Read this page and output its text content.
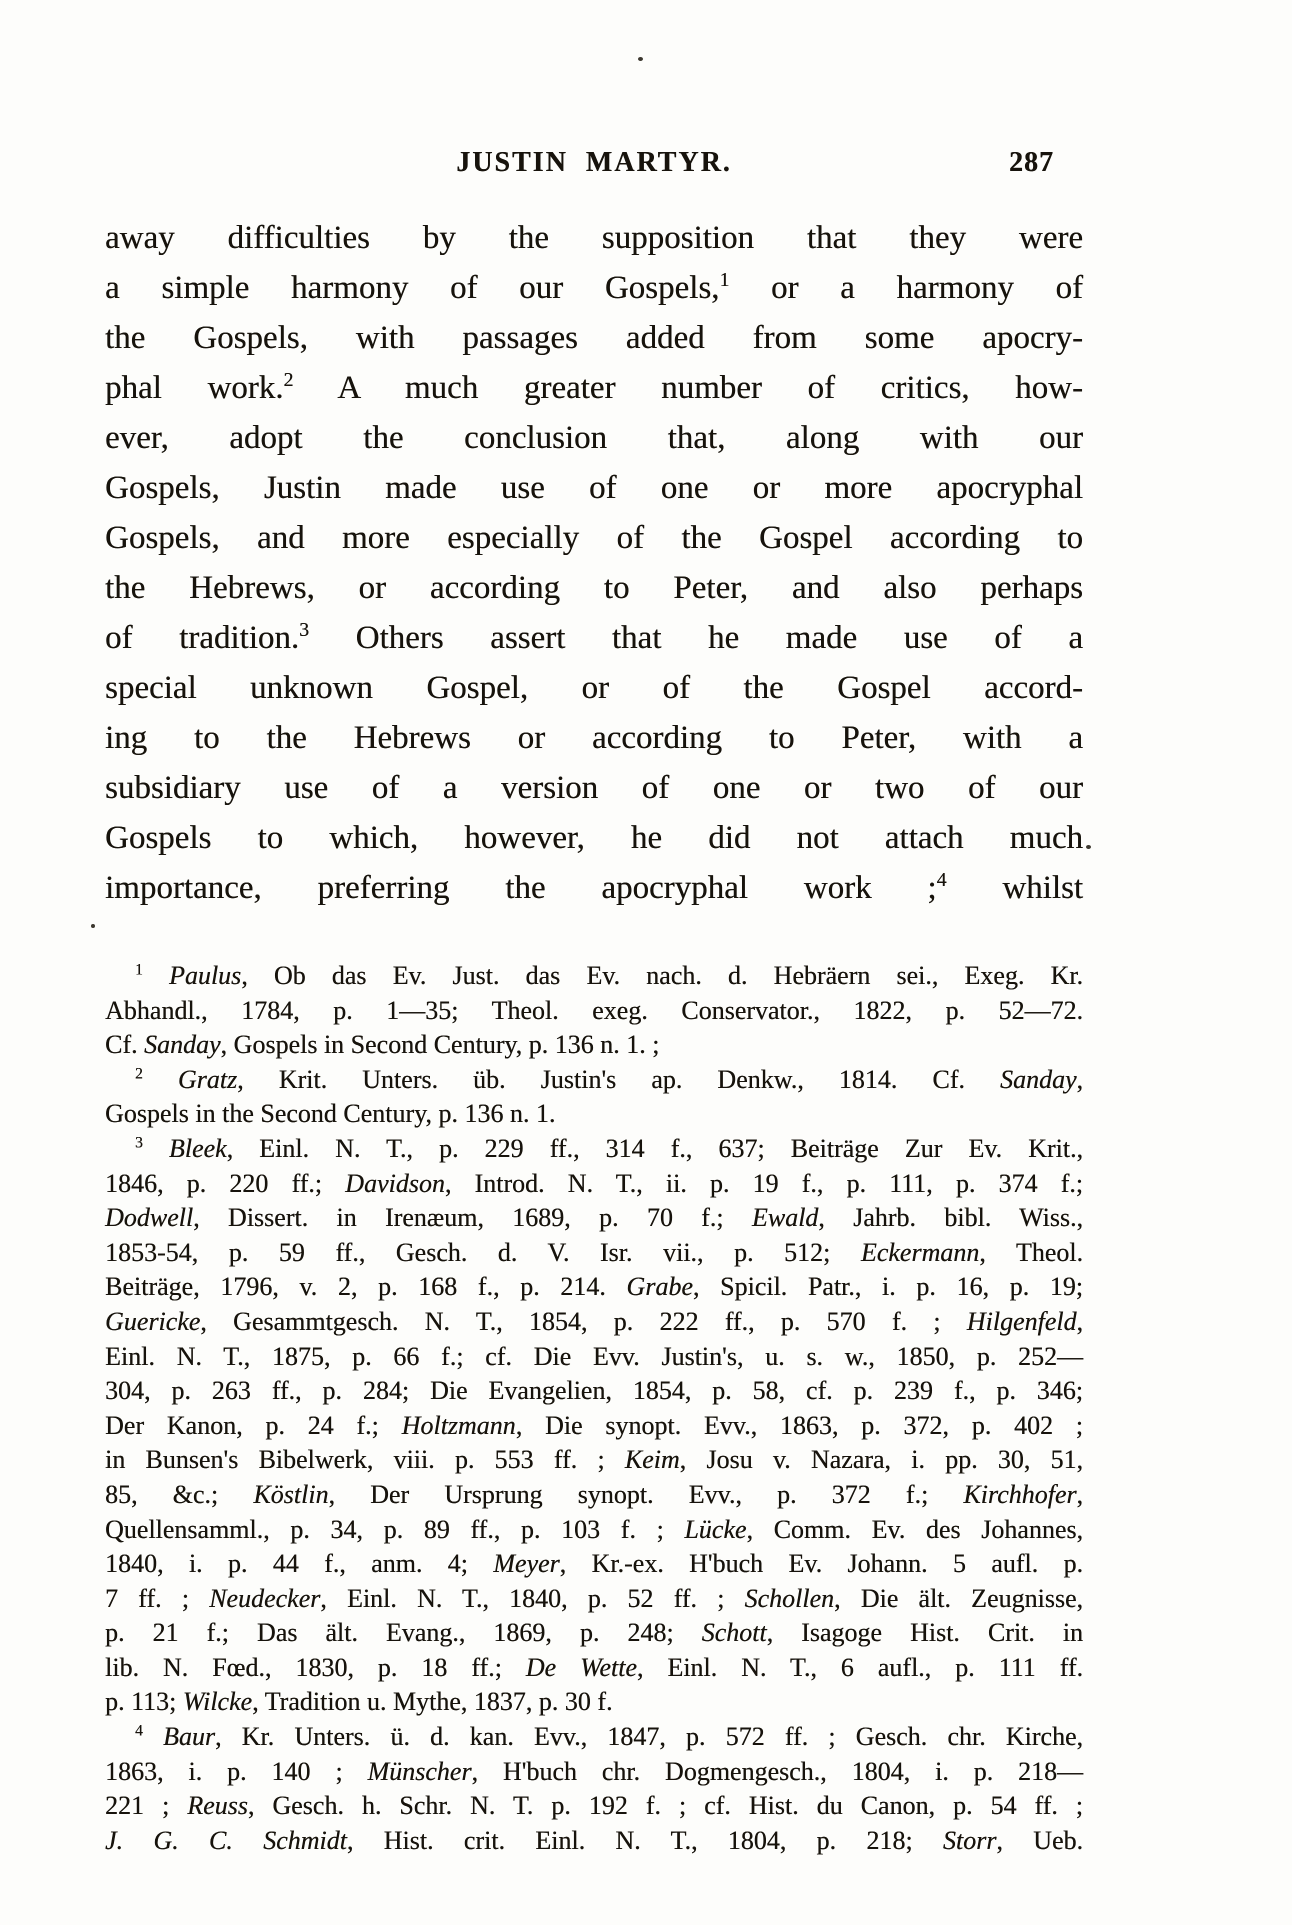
JUSTIN MARTYR.	287
away difficulties by the supposition that they were
a simple harmony of our Gospels,$^1$ or a harmony of
the Gospels, with passages added from some apocry-
phal work.$^2$ A much greater number of critics, how-
ever, adopt the conclusion that, along with our
Gospels, Justin made use of one or more apocryphal
Gospels, and more especially of the Gospel according to
the Hebrews, or according to Peter, and also perhaps
of tradition.$^3$ Others assert that he made use of a
special unknown Gospel, or of the Gospel accord-
ing to the Hebrews or according to Peter, with a
subsidiary use of a version of one or two of our
Gospels to which, however, he did not attach much
importance, preferring the apocryphal work ;$^4$ whilst
$^1$ Paulus, Ob das Ev. Just. das Ev. nach. d. Hebräern sei., Exeg. Kr.
Abhandl., 1784, p. 1—35; Theol. exeg. Conservator., 1822, p. 52—72.
Cf. Sanday, Gospels in Second Century, p. 136 n. 1. ;
$^2$ Gratz, Krit. Unters. üb. Justin's ap. Denkw., 1814. Cf. Sanday,
Gospels in the Second Century, p. 136 n. 1.
$^3$ Bleek, Einl. N. T., p. 229 ff., 314 f., 637; Beiträge Zur Ev. Krit.,
1846, p. 220 ff.; Davidson, Introd. N. T., ii. p. 19 f., p. 111, p. 374 f.;
Dodwell, Dissert. in Irenæum, 1689, p. 70 f.; Ewald, Jahrb. bibl. Wiss.,
1853-54, p. 59 ff., Gesch. d. V. Isr. vii., p. 512; Eckermann, Theol.
Beiträge, 1796, v. 2, p. 168 f., p. 214. Grabe, Spicil. Patr., i. p. 16, p. 19;
Guericke, Gesammtgesch. N. T., 1854, p. 222 ff., p. 570 f. ; Hilgenfeld,
Einl. N. T., 1875, p. 66 f.; cf. Die Evv. Justin's, u. s. w., 1850, p. 252—
304, p. 263 ff., p. 284; Die Evangelien, 1854, p. 58, cf. p. 239 f., p. 346;
Der Kanon, p. 24 f.; Holtzmann, Die synopt. Evv., 1863, p. 372, p. 402 ;
in Bunsen's Bibelwerk, viii. p. 553 ff. ; Keim, Josu v. Nazara, i. pp. 30, 51,
85, &c.; Köstlin, Der Ursprung synopt. Evv., p. 372 f.; Kirchhofer,
Quellensamml., p. 34, p. 89 ff., p. 103 f. ; Lücke, Comm. Ev. des Johannes,
1840, i. p. 44 f., anm. 4; Meyer, Kr.-ex. H'buch Ev. Johann. 5 aufl. p.
7 ff. ; Neudecker, Einl. N. T., 1840, p. 52 ff. ; Schollen, Die ält. Zeugnisse,
p. 21 f.; Das ält. Evang., 1869, p. 248; Schott, Isagoge Hist. Crit. in
lib. N. Fœd., 1830, p. 18 ff.; De Wette, Einl. N. T., 6 aufl., p. 111 ff.
p. 113; Wilcke, Tradition u. Mythe, 1837, p. 30 f.
$^4$ Baur, Kr. Unters. ü. d. kan. Evv., 1847, p. 572 ff. ; Gesch. chr. Kirche,
1863, i. p. 140 ; Münscher, H'buch chr. Dogmengesch., 1804, i. p. 218—
221 ; Reuss, Gesch. h. Schr. N. T. p. 192 f. ; cf. Hist. du Canon, p. 54 ff. ;
J. G. C. Schmidt, Hist. crit. Einl. N. T., 1804, p. 218; Storr, Ueb.
